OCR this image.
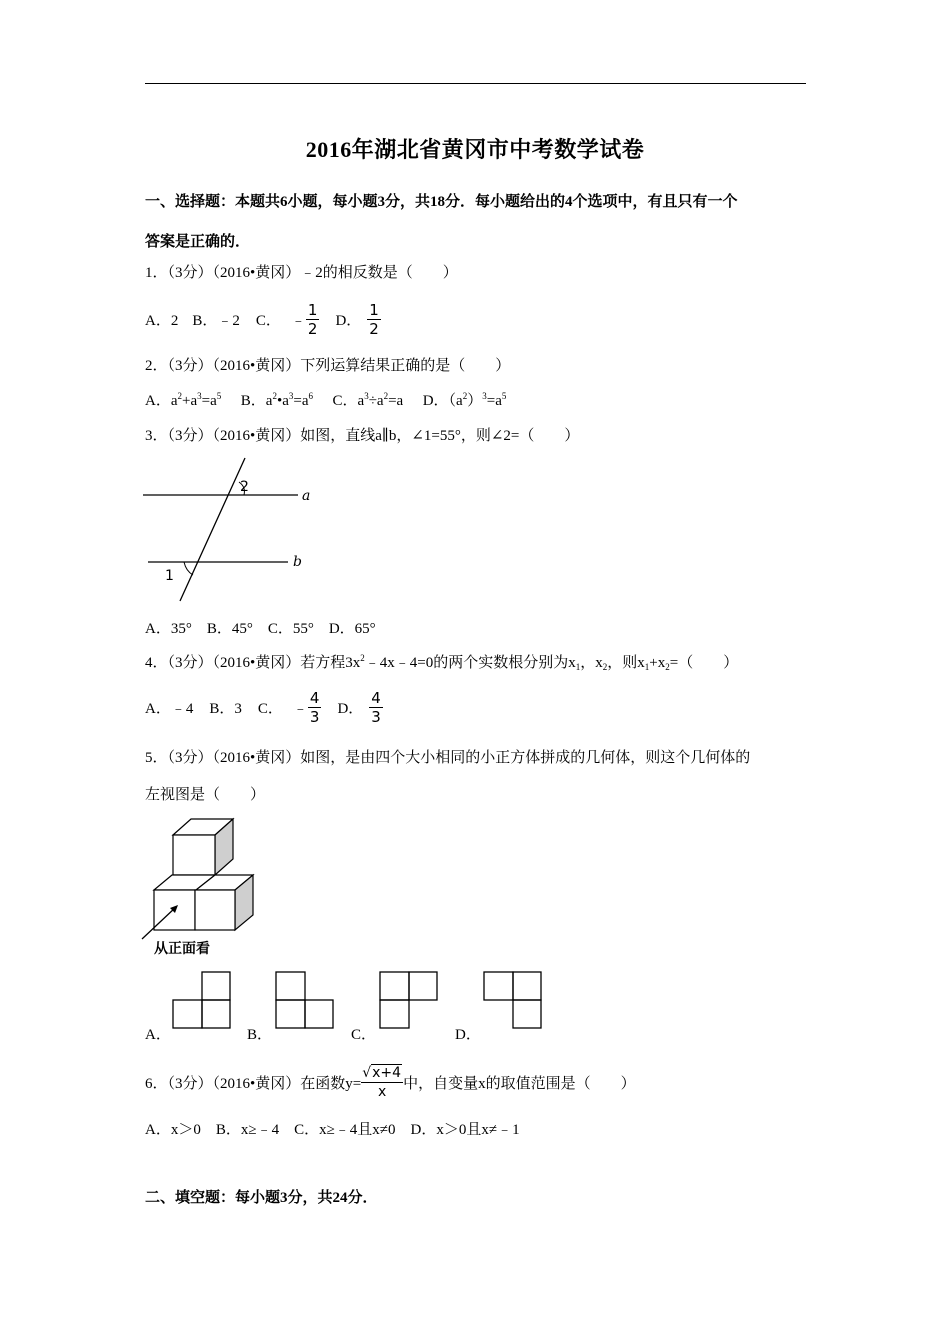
2016年湖北省黄冈市中考数学试卷
一、选择题：本题共6小题，每小题3分，共18分．每小题给出的4个选项中，有且只有一个
答案是正确的．
1．（3分）（2016•黄冈）﹣2的相反数是（　　）
A．2 B．﹣2 C． ﹣ $\frac{1}{2}$ D． $\frac{1}{2}$
2．（3分）（2016•黄冈）下列运算结果正确的是（　　）
A．$a^2+a^3=a^5$ B．$a^2•a^3=a^6$ C．$a^3\div a^2=a$ D．$(a^2)^3=a^5$
3．（3分）（2016•黄冈）如图，直线a∥b，∠1=55°，则∠2=（　　）
2
a
b
1
A．35°　B．45°　C．55°　D．65°
4．（3分）（2016•黄冈）若方程$3x^2﹣4x﹣4=0$的两个实数根分别为$x_1$，$x_2$，则$x_1+x_2=$（　　）
A．﹣4 B．3 C． ﹣ $\frac{4}{3}$ D． $\frac{4}{3}$
5．（3分）（2016•黄冈）如图，是由四个大小相同的小正方体拼成的几何体，则这个几何体的
左视图是（　　）
从正面看
A．	B．	C．	D．
6．（3分）（2016•黄冈）在函数$y= \frac{√x+4}{x}$ 中，自变量x的取值范围是（　　）
A．x＞0　B．x≥﹣4　C．x≥﹣4且x≠0　D．x＞0且x≠﹣1
二、填空题：每小题3分，共24分．
